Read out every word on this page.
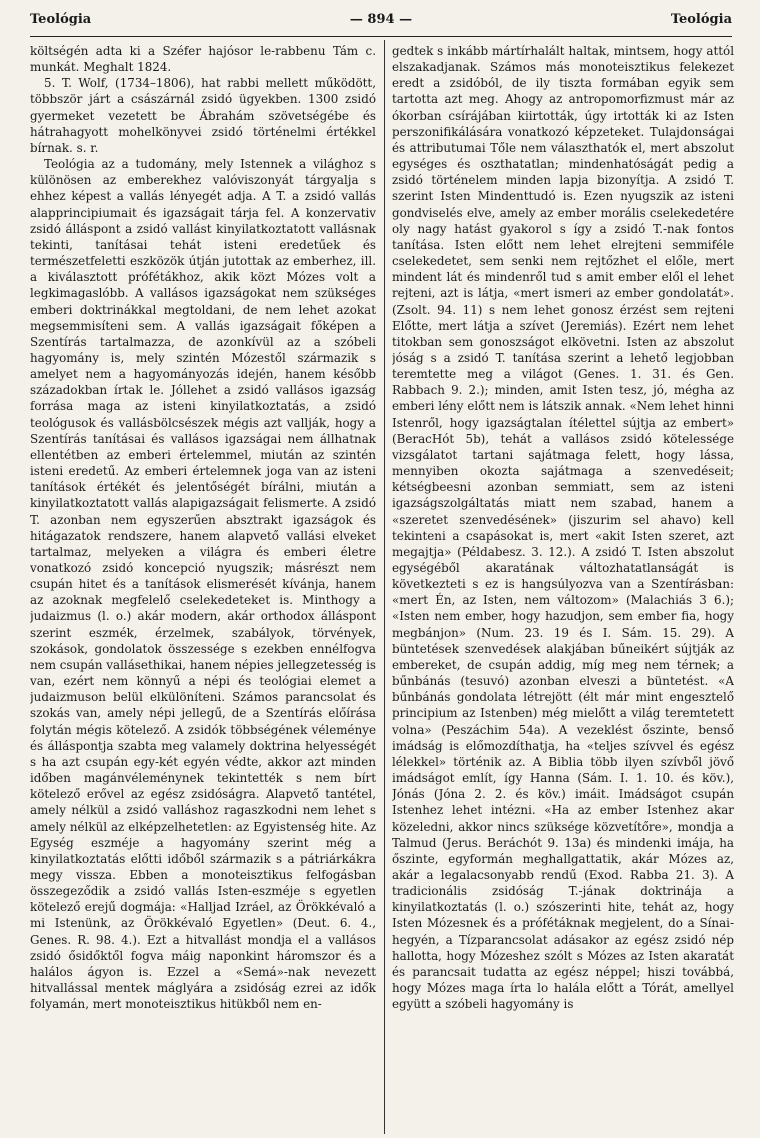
Teológia	— 894 —	Teológia

költségén adta ki a Széfer hajósor le-rabbenu Tám c. munkát. Meghalt 1824.

5. T. Wolf, (1734–1806), hat rabbi mellett működött, többször járt a császárnál zsidó ügyekben. 1300 zsidó gyermeket vezetett be Ábrahám szövetségébe és hátrahagyott mohelkönyvei zsidó történelmi értékkel bírnak. s. r.

Teológia az a tudomány, mely Istennek a világhoz s különösen az emberekhez valóviszonyát tárgyalja s ehhez képest a vallás lényegét adja. A T. a zsidó vallás alapprincipiumait és igazságait tárja fel. A konzervativ zsidó álláspont a zsidó vallást kinyilatkoztatott vallásnak tekinti, tanításai tehát isteni eredetűek és természetfeletti eszközök útján jutottak az emberhez, ill. a kiválasztott prófétákhoz, akik közt Mózes volt a legkimagaslóbb. A vallásos igazságokat nem szükséges emberi doktrinákkal megtoldani, de nem lehet azokat megsemmisíteni sem. A vallás igazságait főképen a Szentírás tartalmazza, de azonkívül az a szóbeli hagyomány is, mely szintén Mózestől származik s amelyet nem a hagyományozás idején, hanem később századokban írtak le. Jóllehet a zsidó vallásos igazság forrása maga az isteni kinyilatkoztatás, a zsidó teológusok és vallásbölcsészek mégis azt vallják, hogy a Szentírás tanításai és vallásos igazságai nem állhatnak ellentétben az emberi értelemmel, miután az szintén isteni eredetű. Az emberi értelemnek joga van az isteni tanítások értékét és jelentőségét bírálni, miután a kinyilatkoztatott vallás alapigazságait felismerte. A zsidó T. azonban nem egyszerűen absztrakt igazságok és hitágazatok rendszere, hanem alapvető vallási elveket tartalmaz, melyeken a világra és emberi életre vonatkozó zsidó koncepció nyugszik; másrészt nem csupán hitet és a tanítások elismerését kívánja, hanem az azoknak megfelelő cselekedeteket is. Minthogy a judaizmus (l. o.) akár modern, akár orthodox álláspont szerint eszmék, érzelmek, szabályok, törvények, szokások, gondolatok összessége s ezekben ennélfogva nem csupán vallásethikai, hanem népies jellegzetesség is van, ezért nem könnyű a népi és teológiai elemet a judaizmuson belül elkülöníteni. Számos parancsolat és szokás van, amely népi jellegű, de a Szentírás előírása folytán mégis kötelező. A zsidók többségének véleménye és álláspontja szabta meg valamely doktrina helyességét s ha azt csupán egy-két egyén védte, akkor azt minden időben magánvéleménynek tekintették s nem bírt kötelező erővel az egész zsidóságra. Alapvető tantétel, amely nélkül a zsidó valláshoz ragaszkodni nem lehet s amely nélkül az elképzelhetetlen: az Egyistenség hite. Az Egység eszméje a hagyomány szerint még a kinyilatkoztatás előtti időből származik s a pátriárkákra megy vissza. Ebben a monoteisztikus felfogásban összegeződik a zsidó vallás Isten-eszméje s egyetlen kötelező erejű dogmája: «Halljad Izráel, az Örökkévaló a mi Istenünk, az Örökkévaló Egyetlen» (Deut. 6. 4., Genes. R. 98. 4.). Ezt a hitvallást mondja el a vallásos zsidó ősidőktől fogva máig naponkint háromszor és a halálos ágyon is. Ezzel a «Semá»-nak nevezett hitvallással mentek máglyára a zsidóság ezrei az idők folyamán, mert monoteisztikus hitükből nem en-

gedtek s inkább mártírhalált haltak, mintsem, hogy attól elszakadjanak. Számos más monoteisztikus felekezet eredt a zsidóból, de ily tiszta formában egyik sem tartotta azt meg. Ahogy az antropomorfizmust már az ókorban csírájában kiirtották, úgy irtották ki az Isten perszonifikálására vonatkozó képzeteket. Tulajdonságai és attributumai Tőle nem választhatók el, mert abszolut egységes és oszthatatlan; mindenhatóságát pedig a zsidó történelem minden lapja bizonyítja. A zsidó T. szerint Isten Mindenttudó is. Ezen nyugszik az isteni gondviselés elve, amely az ember morális cselekedetére oly nagy hatást gyakorol s így a zsidó T.-nak fontos tanítása. Isten előtt nem lehet elrejteni semmiféle cselekedetet, sem senki nem rejtőzhet el előle, mert mindent lát és mindenről tud s amit ember elől el lehet rejteni, azt is látja, «mert ismeri az ember gondolatát». (Zsolt. 94. 11) s nem lehet gonosz érzést sem rejteni Előtte, mert látja a szívet (Jeremiás). Ezért nem lehet titokban sem gonoszságot elkövetni. Isten az abszolut jóság s a zsidó T. tanítása szerint a lehető legjobban teremtette meg a világot (Genes. 1. 31. és Gen. Rabbach 9. 2.); minden, amit Isten tesz, jó, mégha az emberi lény előtt nem is látszik annak. «Nem lehet hinni Istenről, hogy igazságtalan ítélettel sújtja az embert» (BeracHót 5b), tehát a vallásos zsidó kötelessége vizsgálatot tartani sajátmaga felett, hogy lássa, mennyiben okozta sajátmaga a szenvedéseit; kétségbeesni azonban semmiatt, sem az isteni igazságszolgáltatás miatt nem szabad, hanem a «szeretet szenvedésének» (jiszurim sel ahavo) kell tekinteni a csapásokat is, mert «akit Isten szeret, azt megajtja» (Példabesz. 3. 12.). A zsidó T. Isten abszolut egységéből akaratának változhatatlanságát is következteti s ez is hangsúlyozva van a Szentírásban: «mert Én, az Isten, nem változom» (Malachiás 3 6.); «Isten nem ember, hogy hazudjon, sem ember fia, hogy megbánjon» (Num. 23. 19 és I. Sám. 15. 29). A büntetések szenvedések alakjában bűneikért sújtják az embereket, de csupán addig, míg meg nem térnek; a bűnbánás (tesuvó) azonban elveszi a büntetést. «A bűnbánás gondolata létrejött (élt már mint engesztelő principium az Istenben) még mielőtt a világ teremtetett volna» (Peszáchim 54a). A vezeklést őszinte, benső imádság is előmozdíthatja, ha «teljes szívvel és egész lélekkel» történik az. A Biblia több ilyen szívből jövő imádságot említ, így Hanna (Sám. I. 1. 10. és köv.), Jónás (Jóna 2. 2. és köv.) imáit. Imádságot csupán Istenhez lehet intézni. «Ha az ember Istenhez akar közeledni, akkor nincs szüksége közvetítőre», mondja a Talmud (Jerus. Beráchót 9. 13a) és mindenki imája, ha őszinte, egyformán meghallgattatik, akár Mózes az, akár a legalacsonyabb rendű (Exod. Rabba 21. 3). A tradicionális zsidóság T.-jának doktrinája a kinyilatkoztatás (l. o.) szószerinti hite, tehát az, hogy Isten Mózesnek és a prófétáknak megjelent, do a Sínai-hegyén, a Tízparancsolat adásakor az egész zsidó nép hallotta, hogy Mózeshez szólt s Mózes az Isten akaratát és parancsait tudatta az egész néppel; hiszi továbbá, hogy Mózes maga írta lo halála előtt a Tórát, amellyel együtt a szóbeli hagyomány is
